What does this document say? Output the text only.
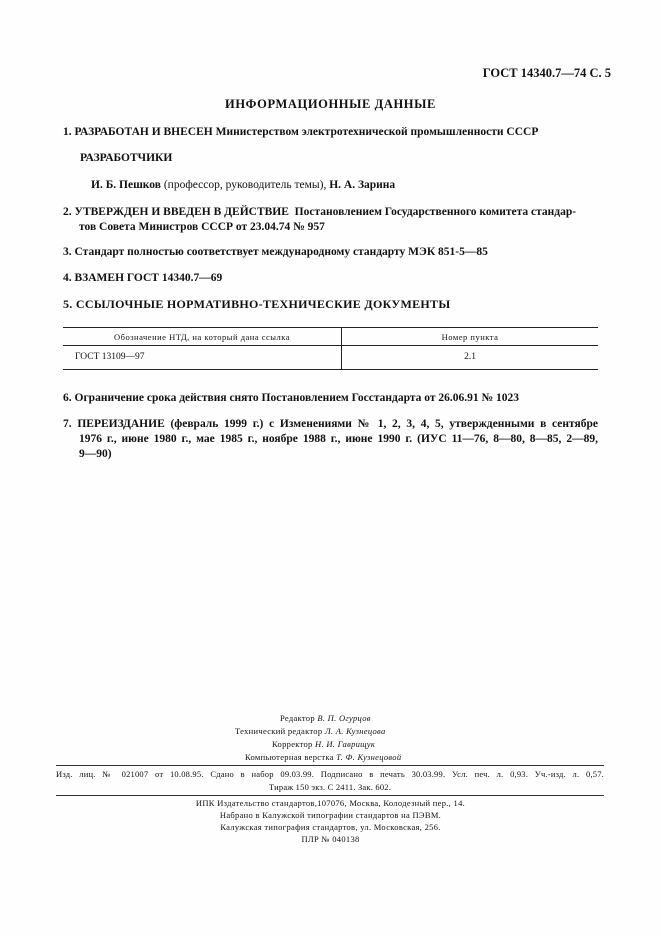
ГОСТ 14340.7—74 С. 5
ИНФОРМАЦИОННЫЕ ДАННЫЕ
1. РАЗРАБОТАН И ВНЕСЕН Министерством электротехнической промышленности СССР
РАЗРАБОТЧИКИ
И. Б. Пешков (профессор, руководитель темы), Н. А. Зарина
2. УТВЕРЖДЕН И ВВЕДЕН В ДЕЙСТВИЕ Постановлением Государственного комитета стандар-
тов Совета Министров СССР от 23.04.74 № 957
3. Стандарт полностью соответствует международному стандарту МЭК 851-5—85
4. ВЗАМЕН ГОСТ 14340.7—69
5. ССЫЛОЧНЫЕ НОРМАТИВНО-ТЕХНИЧЕСКИЕ ДОКУМЕНТЫ
Обозначение НТД, на который дана ссылка	Номер пункта
ГОСТ 13109—97	2.1
6. Ограничение срока действия снято Постановлением Госстандарта от 26.06.91 № 1023
7. ПЕРЕИЗДАНИЕ (февраль 1999 г.) с Изменениями № 1, 2, 3, 4, 5, утвержденными в сентябре
1976 г., июне 1980 г., мае 1985 г., ноябре 1988 г., июне 1990 г. (ИУС 11—76, 8—80, 8—85, 2—89,
9—90)
Редактор В. П. Огурцов
Технический редактор Л. А. Кузнецова
Корректор Н. И. Гаврищук
Компьютерная верстка Т. Ф. Кузнецовой
Изд. лиц. № 021007 от 10.08.95. Сдано в набор 09.03.99. Подписано в печать 30.03.99. Усл. печ. л. 0,93. Уч.-изд. л. 0,57.
Тираж 150 экз. С 2411. Зак. 602.
ИПК Издательство стандартов,107076, Москва, Колодезный пер., 14.
Набрано в Калужской типографии стандартов на ПЭВМ.
Калужская типография стандартов, ул. Московская, 256.
ПЛР № 040138
